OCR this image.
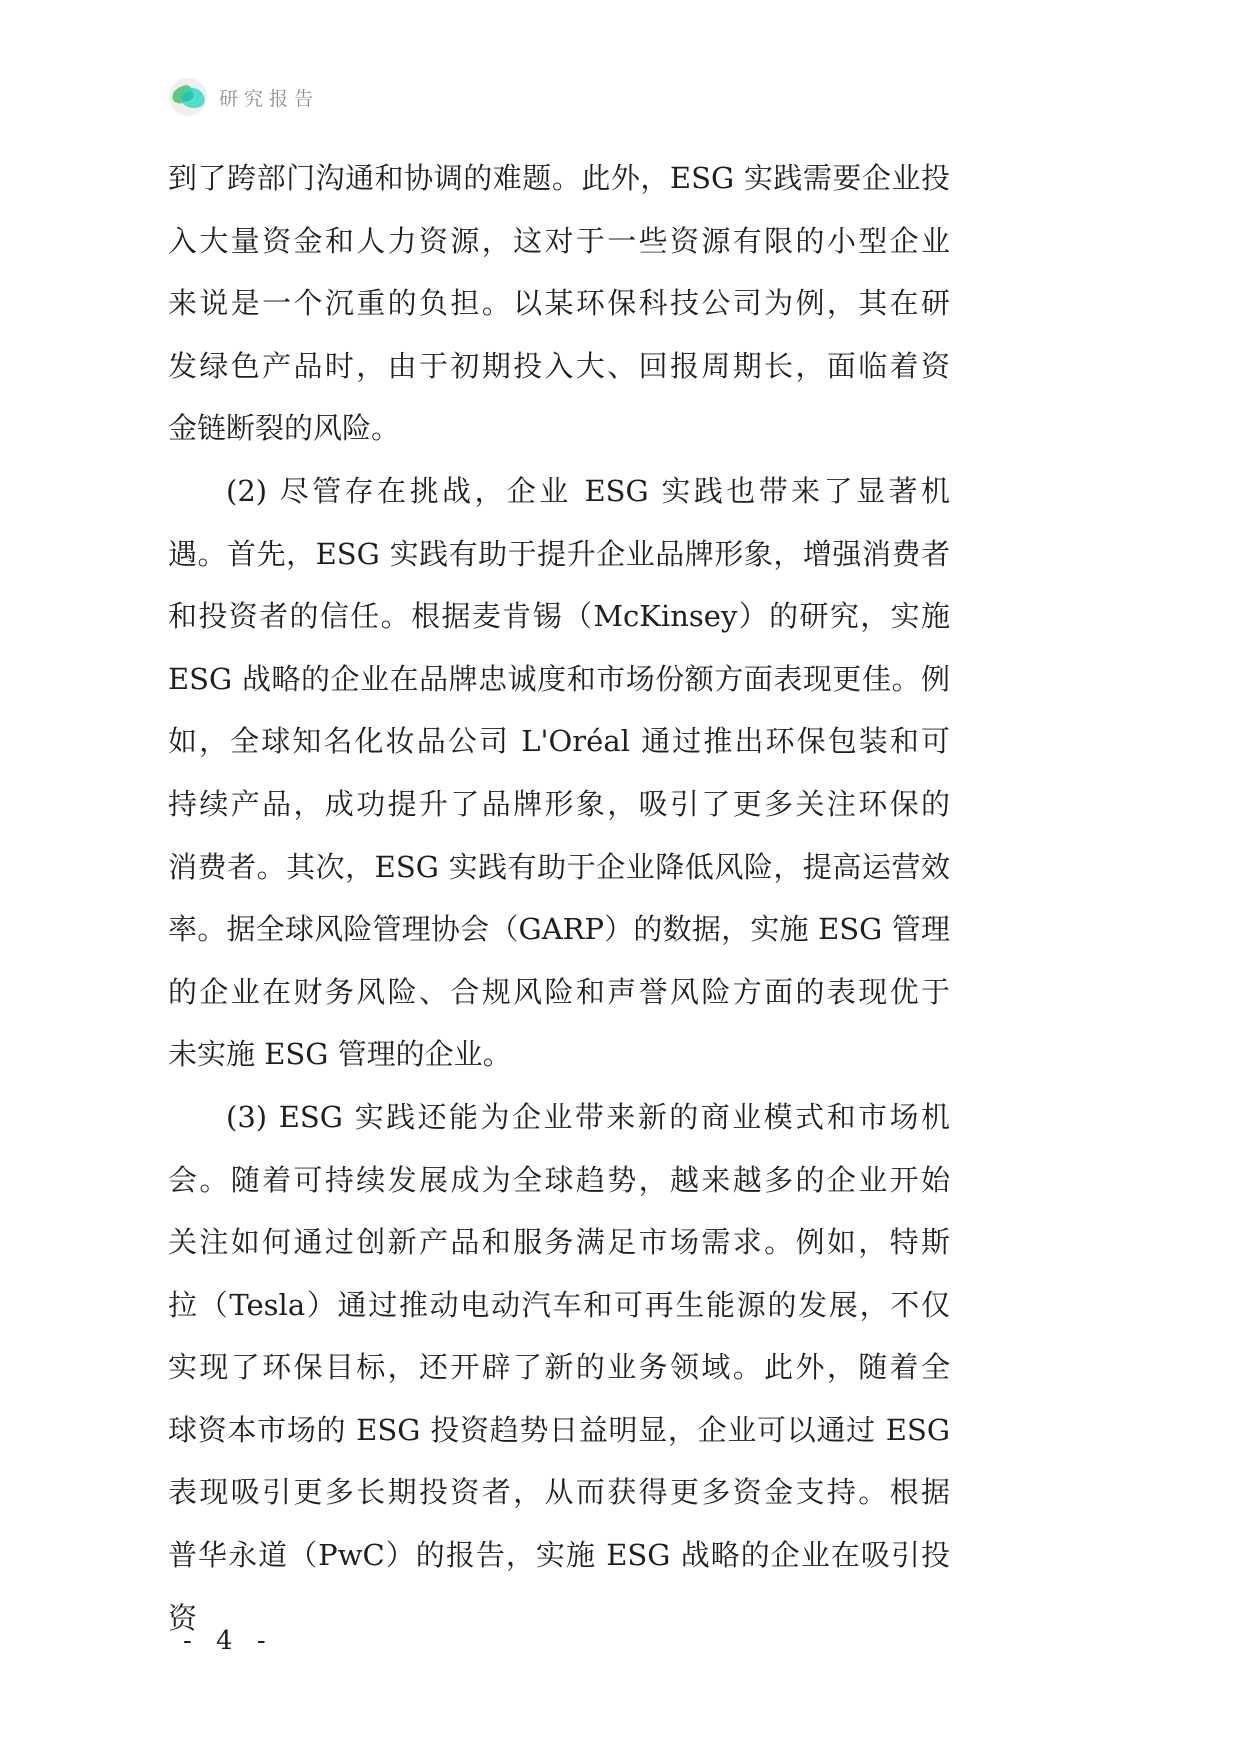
研究报告
到了跨部门沟通和协调的难题。此外，ESG 实践需要企业投
入大量资金和人力资源，这对于一些资源有限的小型企业
来说是一个沉重的负担。以某环保科技公司为例，其在研
发绿色产品时，由于初期投入大、回报周期长，面临着资
金链断裂的风险。
(2) 尽管存在挑战，企业 ESG 实践也带来了显著机
遇。首先，ESG 实践有助于提升企业品牌形象，增强消费者
和投资者的信任。根据麦肯锡（McKinsey）的研究，实施
ESG 战略的企业在品牌忠诚度和市场份额方面表现更佳。例
如，全球知名化妆品公司 L'Oréal 通过推出环保包装和可
持续产品，成功提升了品牌形象，吸引了更多关注环保的
消费者。其次，ESG 实践有助于企业降低风险，提高运营效
率。据全球风险管理协会（GARP）的数据，实施 ESG 管理
的企业在财务风险、合规风险和声誉风险方面的表现优于
未实施 ESG 管理的企业。
(3) ESG 实践还能为企业带来新的商业模式和市场机
会。随着可持续发展成为全球趋势，越来越多的企业开始
关注如何通过创新产品和服务满足市场需求。例如，特斯
拉（Tesla）通过推动电动汽车和可再生能源的发展，不仅
实现了环保目标，还开辟了新的业务领域。此外，随着全
球资本市场的 ESG 投资趋势日益明显，企业可以通过 ESG
表现吸引更多长期投资者，从而获得更多资金支持。根据
普华永道（PwC）的报告，实施 ESG 战略的企业在吸引投资
- 4 -
